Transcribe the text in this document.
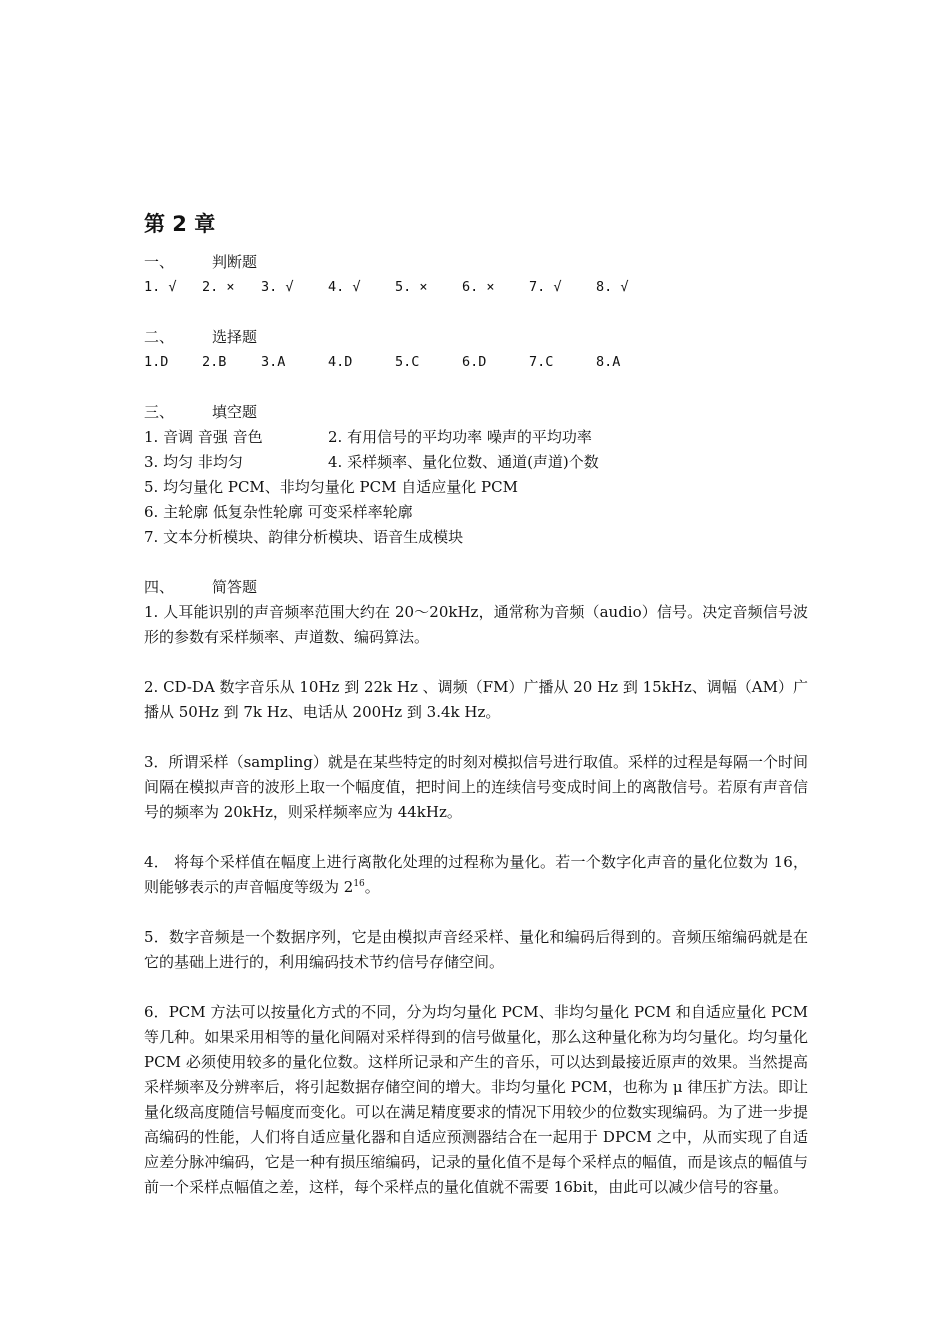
第 2 章
一、	判断题
1. √	2. ×	3. √	4. √	5. ×	6. ×	7. √	8. √
二、	选择题
1.D	2.B	3.A	4.D	5.C	6.D	7.C	8.A
三、	填空题
1. 音调 音强 音色	2. 有用信号的平均功率 噪声的平均功率
3. 均匀 非均匀	4. 采样频率、量化位数、通道(声道)个数
5. 均匀量化 PCM、非均匀量化 PCM 自适应量化 PCM
6. 主轮廓 低复杂性轮廓 可变采样率轮廓
7. 文本分析模块、韵律分析模块、语音生成模块
四、	简答题

1. 人耳能识别的声音频率范围大约在 20～20kHz，通常称为音频（audio）信号。决定音频信号波形的参数有采样频率、声道数、编码算法。

2. CD-DA 数字音乐从 10Hz 到 22k Hz 、调频（FM）广播从 20 Hz 到 15kHz、调幅（AM）广播从 50Hz 到 7k Hz、电话从 200Hz 到 3.4k Hz。

3．所谓采样（sampling）就是在某些特定的时刻对模拟信号进行取值。采样的过程是每隔一个时间间隔在模拟声音的波形上取一个幅度值，把时间上的连续信号变成时间上的离散信号。若原有声音信号的频率为 20kHz，则采样频率应为 44kHz。

4． 将每个采样值在幅度上进行离散化处理的过程称为量化。若一个数字化声音的量化位数为 16，则能够表示的声音幅度等级为 $2^{16}$。

5．数字音频是一个数据序列，它是由模拟声音经采样、量化和编码后得到的。音频压缩编码就是在它的基础上进行的，利用编码技术节约信号存储空间。

6．PCM 方法可以按量化方式的不同，分为均匀量化 PCM、非均匀量化 PCM 和自适应量化 PCM 等几种。如果采用相等的量化间隔对采样得到的信号做量化，那么这种量化称为均匀量化。均匀量化 PCM 必须使用较多的量化位数。这样所记录和产生的音乐，可以达到最接近原声的效果。当然提高采样频率及分辨率后，将引起数据存储空间的增大。非均匀量化 PCM，也称为 μ 律压扩方法。即让量化级高度随信号幅度而变化。可以在满足精度要求的情况下用较少的位数实现编码。为了进一步提高编码的性能，人们将自适应量化器和自适应预测器结合在一起用于 DPCM 之中，从而实现了自适应差分脉冲编码，它是一种有损压缩编码，记录的量化值不是每个采样点的幅值，而是该点的幅值与前一个采样点幅值之差，这样，每个采样点的量化值就不需要 16bit，由此可以减少信号的容量。
